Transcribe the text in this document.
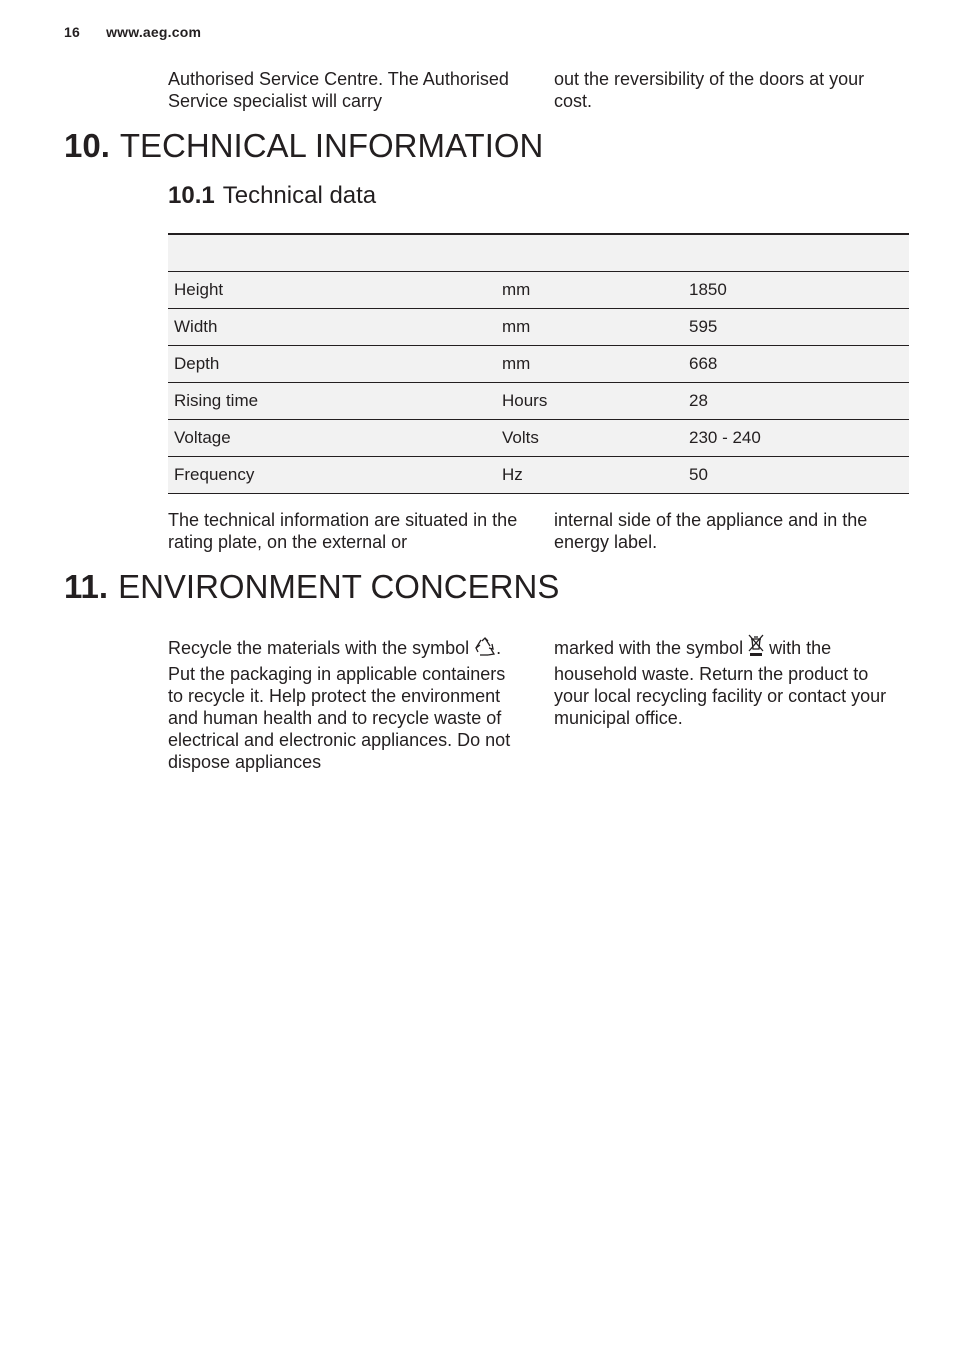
16 www.aeg.com
Authorised Service Centre. The Authorised Service specialist will carry
out the reversibility of the doors at your cost.
10. TECHNICAL INFORMATION
10.1 Technical data

Height	mm	1850
Width	mm	595
Depth	mm	668
Rising time	Hours	28
Voltage	Volts	230 - 240
Frequency	Hz	50
The technical information are situated in the rating plate, on the external or
internal side of the appliance and in the energy label.
11. ENVIRONMENT CONCERNS
Recycle the materials with the symbol . Put the packaging in applicable containers to recycle it. Help protect the environment and human health and to recycle waste of electrical and electronic appliances. Do not dispose appliances
marked with the symbol  with the household waste. Return the product to your local recycling facility or contact your municipal office.
